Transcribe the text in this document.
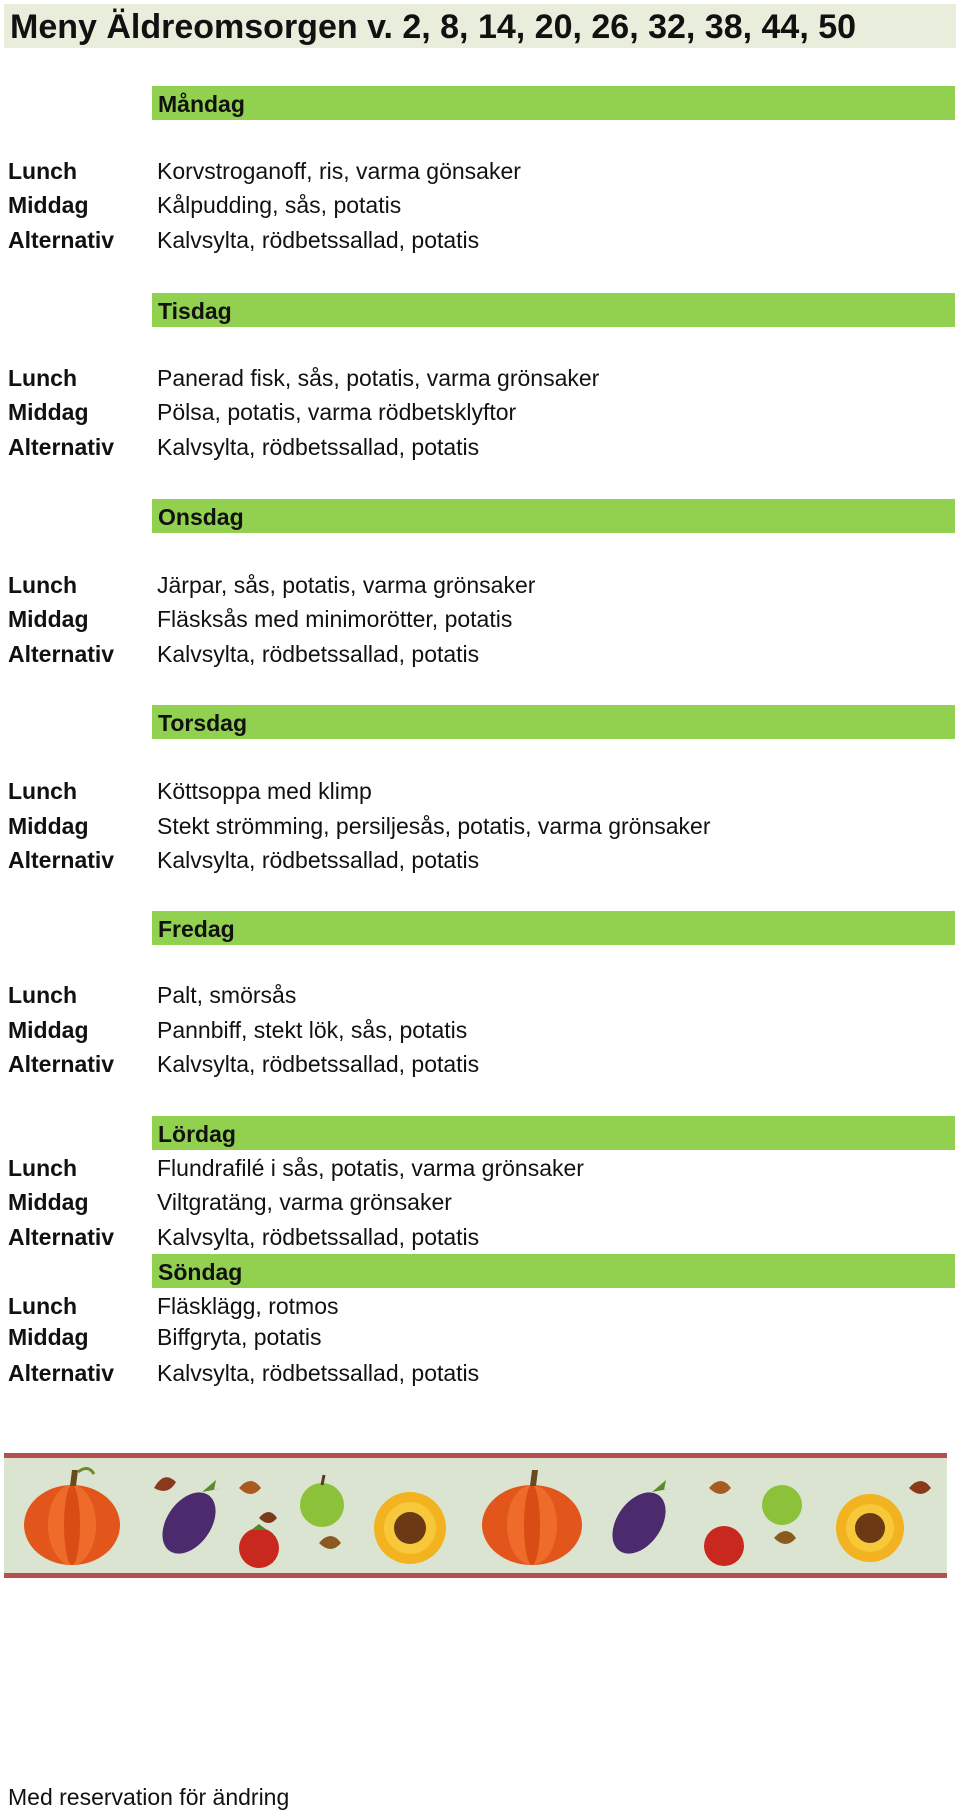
Meny Äldreomsorgen v. 2, 8, 14, 20, 26, 32, 38, 44, 50
Måndag
Lunch	Korvstroganoff, ris, varma gönsaker
Middag	Kålpudding, sås, potatis
Alternativ Kalvsylta, rödbetssallad, potatis
Tisdag
Lunch	Panerad fisk, sås, potatis, varma grönsaker
Middag	Pölsa, potatis, varma rödbetsklyftor
Alternativ Kalvsylta, rödbetssallad, potatis
Onsdag
Lunch	Järpar, sås, potatis, varma grönsaker
Middag	Fläsksås med minimorötter, potatis
Alternativ Kalvsylta, rödbetssallad, potatis
Torsdag
Lunch	Köttsoppa med klimp
Middag	Stekt strömming, persiljesås, potatis, varma grönsaker
Alternativ Kalvsylta, rödbetssallad, potatis
Fredag
Lunch	Palt, smörsås
Middag	Pannbiff, stekt lök, sås, potatis
Alternativ Kalvsylta, rödbetssallad, potatis
Lördag
Lunch	Flundrafilé i sås, potatis, varma grönsaker
Middag	Viltgratäng, varma grönsaker
Alternativ Kalvsylta, rödbetssallad, potatis
Söndag
Lunch	Fläsklägg, rotmos
Middag	Biffgryta, potatis
Alternativ Kalvsylta, rödbetssallad, potatis
Med reservation för ändring
